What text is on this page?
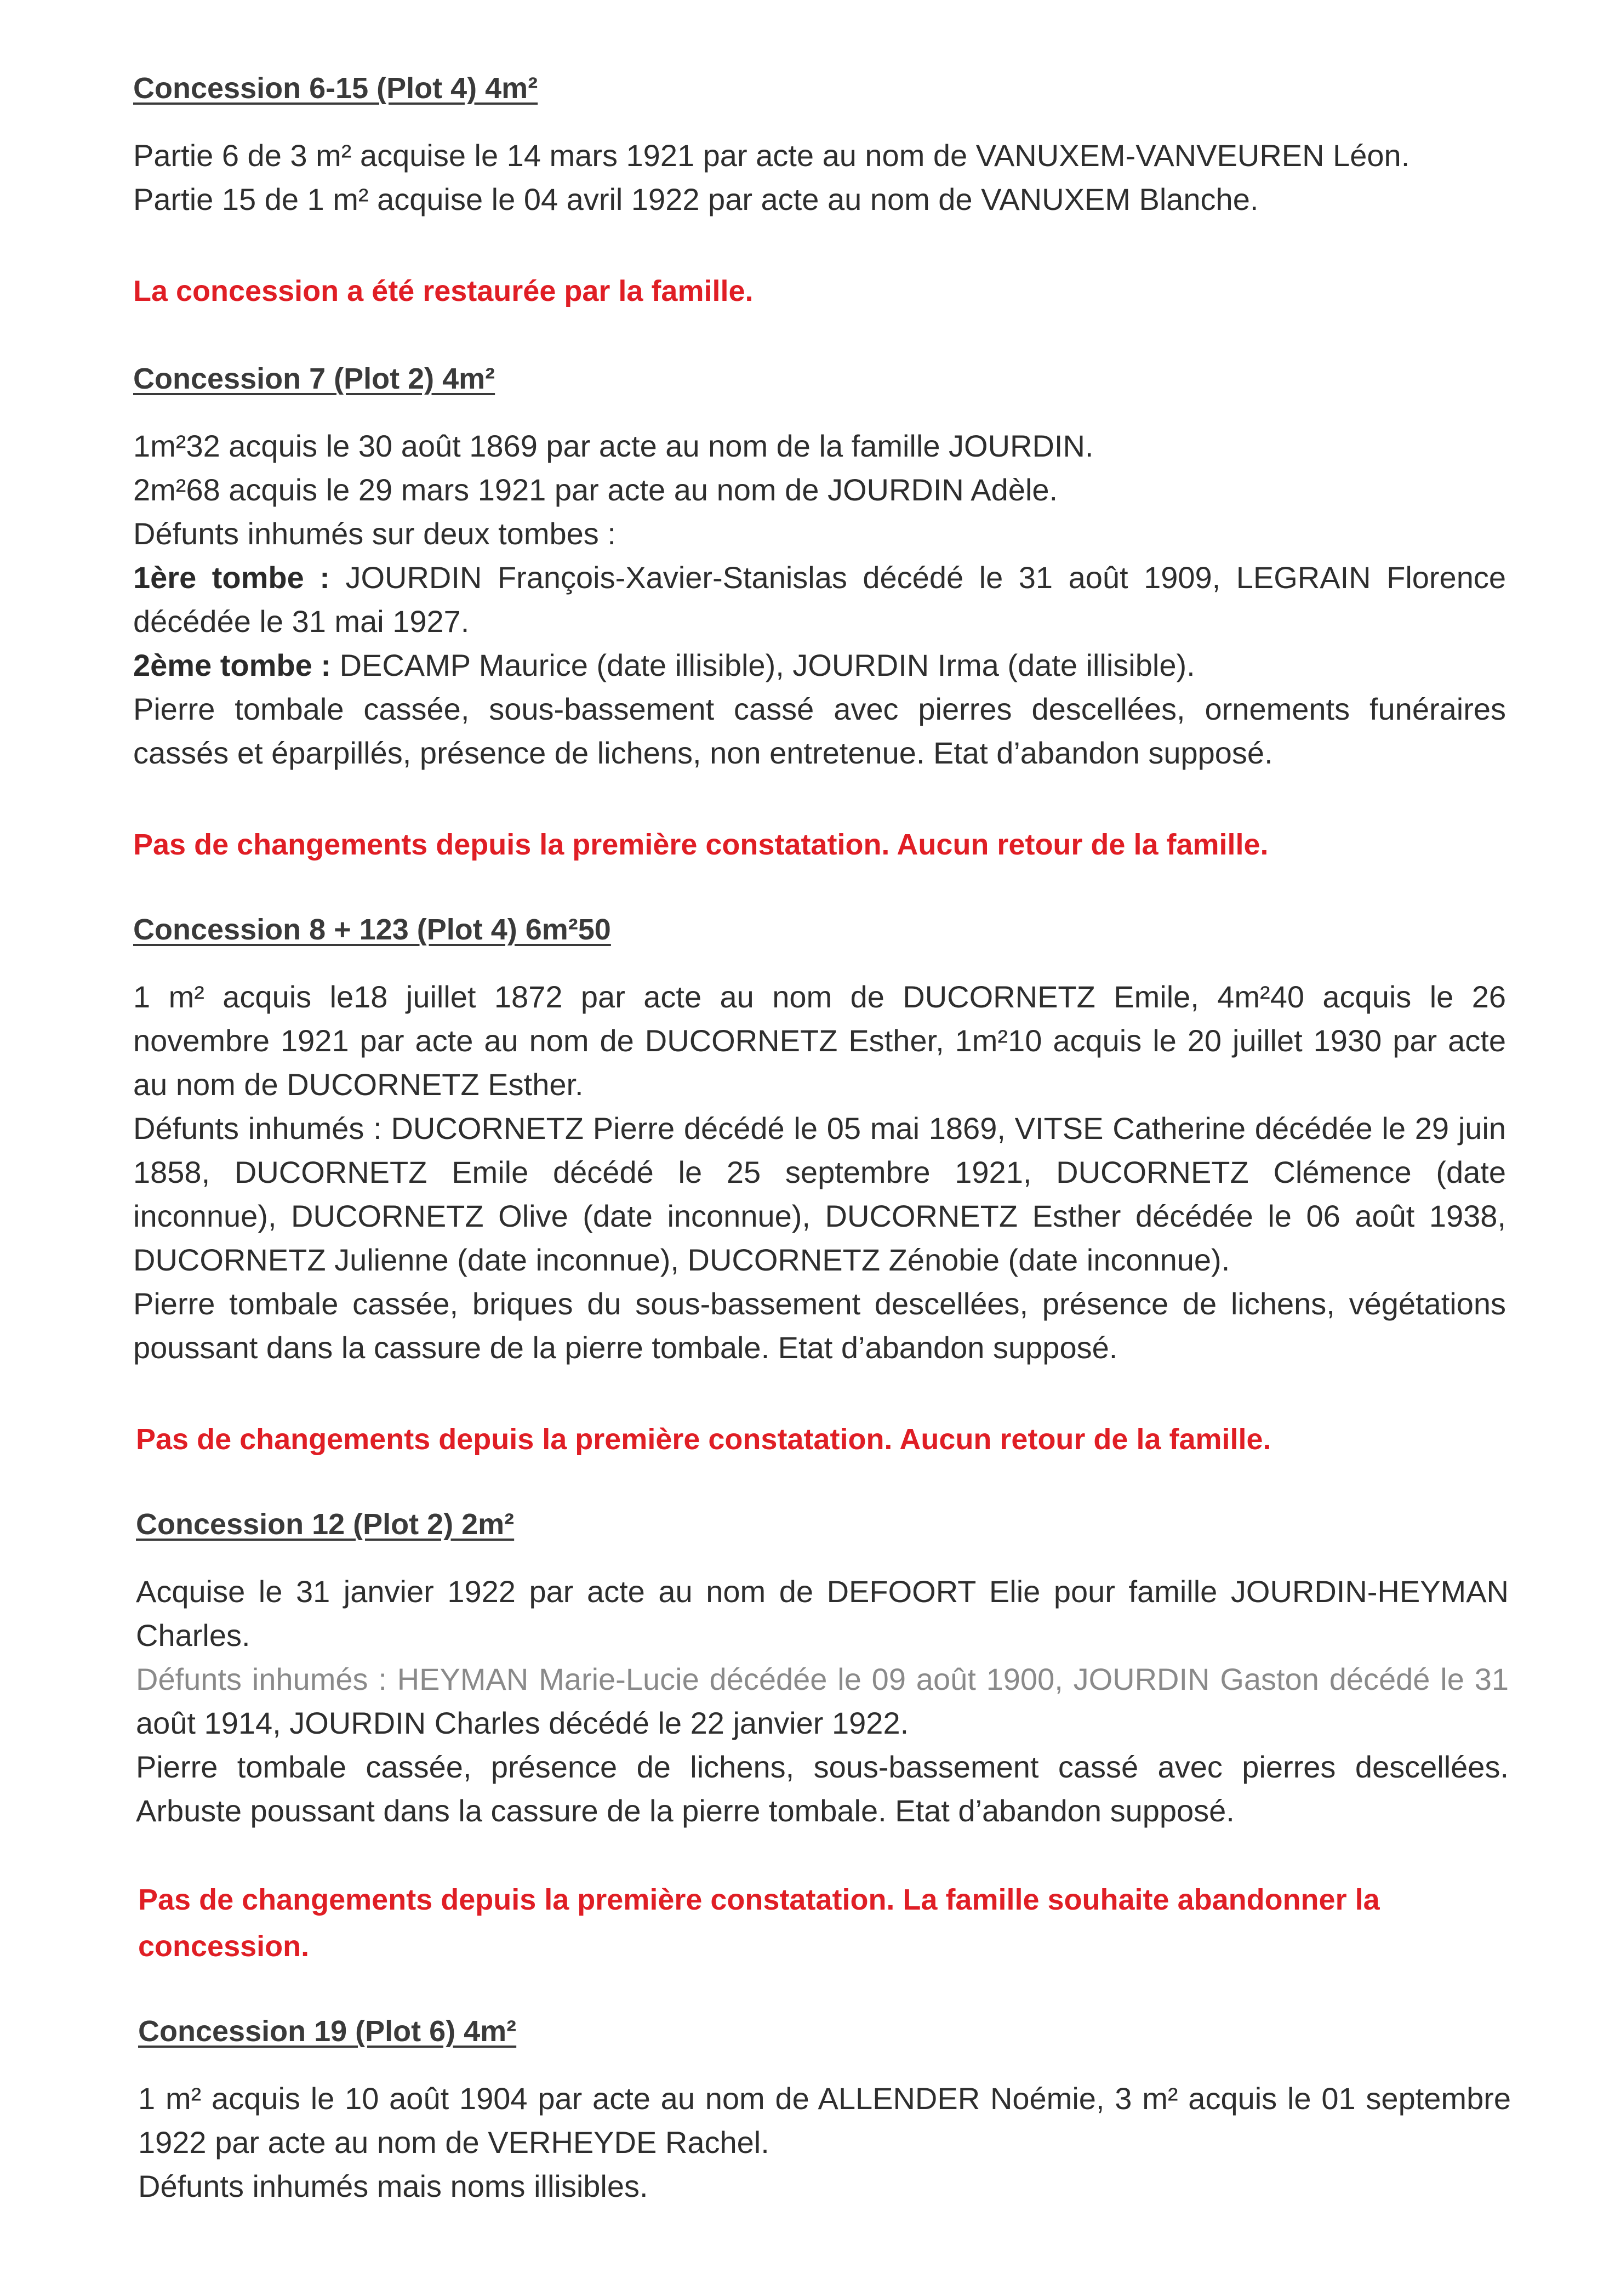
Concession 6-15 (Plot 4) 4m²

Partie 6 de 3 m² acquise le 14 mars 1921 par acte au nom de VANUXEM-VANVEUREN Léon.

Partie 15 de 1 m² acquise le 04 avril 1922 par acte au nom de VANUXEM Blanche.

La concession a été restaurée par la famille.

Concession 7 (Plot 2) 4m²

1m²32 acquis le 30 août 1869 par acte au nom de la famille JOURDIN.

2m²68 acquis le 29 mars 1921 par acte au nom de JOURDIN Adèle.

Défunts inhumés sur deux tombes :

1ère tombe : JOURDIN François-Xavier-Stanislas décédé le 31 août 1909, LEGRAIN Florence

décédée le 31 mai 1927.

2ème tombe : DECAMP Maurice (date illisible), JOURDIN Irma (date illisible).

Pierre tombale cassée, sous-bassement cassé avec pierres descellées, ornements funéraires

cassés et éparpillés, présence de lichens, non entretenue. Etat d’abandon supposé.

Pas de changements depuis la première constatation. Aucun retour de la famille.

Concession 8 + 123 (Plot 4) 6m²50

1 m² acquis le18 juillet 1872 par acte au nom de DUCORNETZ Emile, 4m²40 acquis le 26

novembre 1921 par acte au nom de DUCORNETZ Esther, 1m²10 acquis le 20 juillet 1930 par acte

au nom de DUCORNETZ Esther.

Défunts inhumés : DUCORNETZ Pierre décédé le 05 mai 1869, VITSE Catherine décédée le 29 juin

1858, DUCORNETZ Emile décédé le 25 septembre 1921, DUCORNETZ Clémence (date

inconnue), DUCORNETZ Olive (date inconnue), DUCORNETZ Esther décédée le 06 août 1938,

DUCORNETZ Julienne (date inconnue), DUCORNETZ Zénobie (date inconnue).

Pierre tombale cassée, briques du sous-bassement descellées, présence de lichens, végétations

poussant dans la cassure de la pierre tombale. Etat d’abandon supposé.

Pas de changements depuis la première constatation. Aucun retour de la famille.

Concession 12 (Plot 2) 2m²

Acquise le 31 janvier 1922 par acte au nom de DEFOORT Elie pour famille JOURDIN-HEYMAN

Charles.

Défunts inhumés : HEYMAN Marie-Lucie décédée le 09 août 1900, JOURDIN Gaston décédé le 31

août 1914, JOURDIN Charles décédé le 22 janvier 1922.

Pierre tombale cassée, présence de lichens, sous-bassement cassé avec pierres descellées.

Arbuste poussant dans la cassure de la pierre tombale. Etat d’abandon supposé.

Pas de changements depuis la première constatation. La famille souhaite abandonner la

concession.

Concession 19 (Plot 6) 4m²

1 m² acquis le 10 août 1904 par acte au nom de ALLENDER Noémie, 3 m² acquis le 01 septembre

1922 par acte au nom de VERHEYDE Rachel.

Défunts inhumés mais noms illisibles.
